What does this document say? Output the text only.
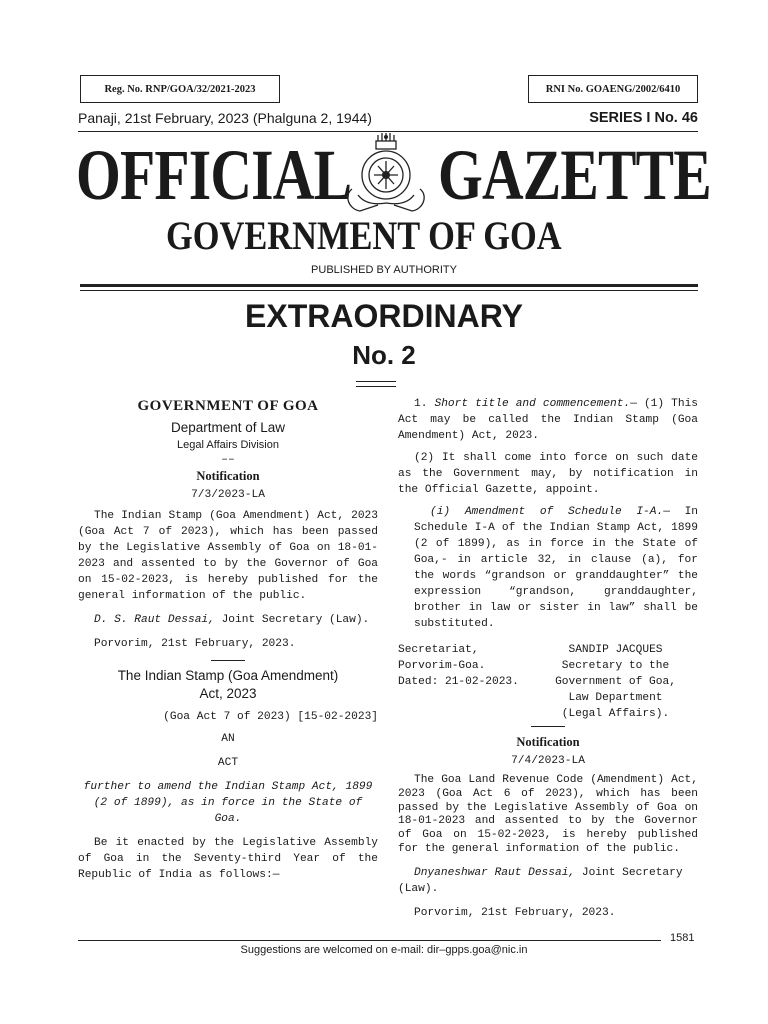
Reg. No. RNP/GOA/32/2021-2023	RNI No. GOAENG/2002/6410
Panaji, 21st February, 2023 (Phalguna 2, 1944)	SERIES I No. 46
OFFICIAL GAZETTE
GOVERNMENT OF GOA
PUBLISHED BY AUTHORITY
EXTRAORDINARY
No. 2
GOVERNMENT OF GOA
Department of Law
Legal Affairs Division
––
Notification
7/3/2023-LA

The Indian Stamp (Goa Amendment) Act, 2023 (Goa Act 7 of 2023), which has been passed by the Legislative Assembly of Goa on 18-01-2023 and assented to by the Governor of Goa on 15-02-2023, is hereby published for the general information of the public.

D. S. Raut Dessai, Joint Secretary (Law).

Porvorim, 21st February, 2023.

The Indian Stamp (Goa Amendment)
Act, 2023
(Goa Act 7 of 2023) [15-02-2023]
AN
ACT

further to amend the Indian Stamp Act, 1899 (2 of 1899), as in force in the State of Goa.

Be it enacted by the Legislative Assembly of Goa in the Seventy-third Year of the Republic of India as follows:—

1. Short title and commencement.— (1) This Act may be called the Indian Stamp (Goa Amendment) Act, 2023.

(2) It shall come into force on such date as the Government may, by notification in the Official Gazette, appoint.

(i) Amendment of Schedule I-A.— In Schedule I-A of the Indian Stamp Act, 1899 (2 of 1899), as in force in the State of Goa,- in article 32, in clause (a), for the words “grandson or granddaughter” the expression “grandson, granddaughter, brother in law or sister in law” shall be substituted.

Secretariat,
Porvorim-Goa.
Dated: 21-02-2023.
SANDIP JACQUES
Secretary to the
Government of Goa,
Law Department
(Legal Affairs).
Notification
7/4/2023-LA

The Goa Land Revenue Code (Amendment) Act, 2023 (Goa Act 6 of 2023), which has been passed by the Legislative Assembly of Goa on 18-01-2023 and assented to by the Governor of Goa on 15-02-2023, is hereby published for the general information of the public.

Dnyaneshwar Raut Dessai, Joint Secretary (Law).

Porvorim, 21st February, 2023.

1581
Suggestions are welcomed on e-mail: dir–gpps.goa@nic.in
